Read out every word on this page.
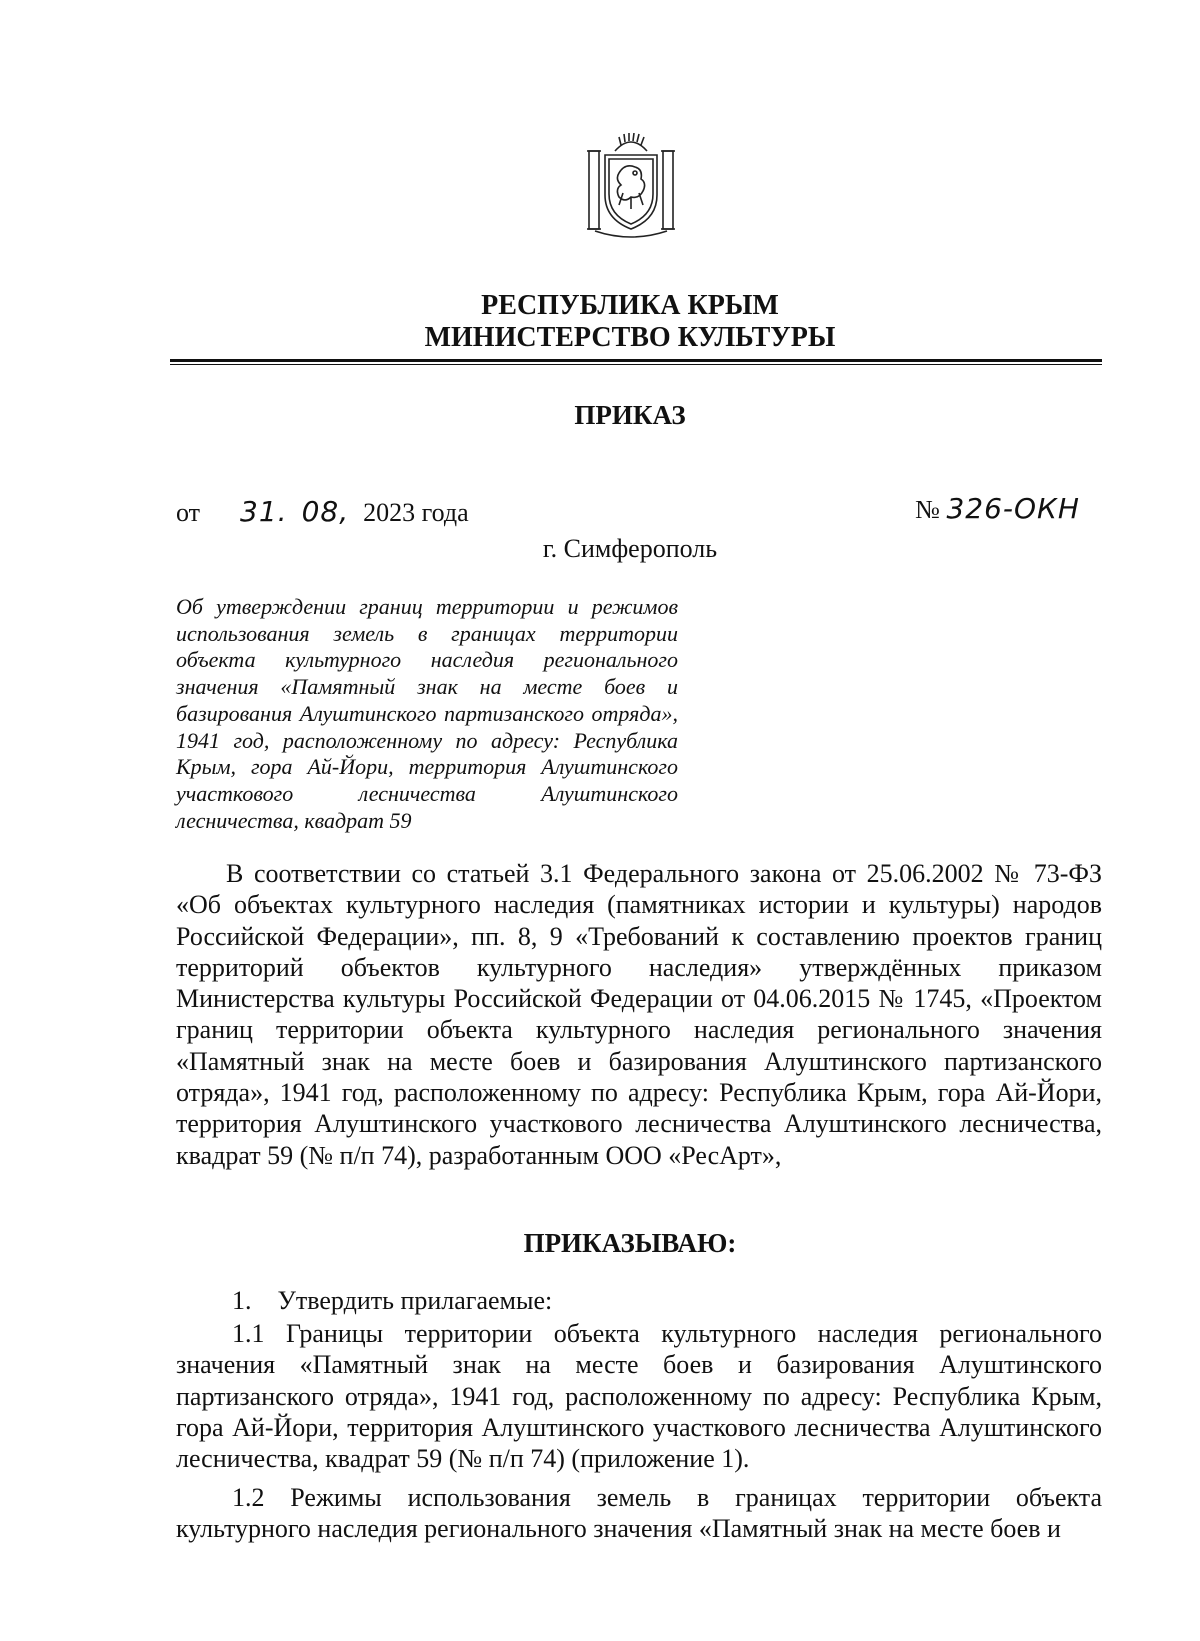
РЕСПУБЛИКА КРЫМ
МИНИСТЕРСТВО КУЛЬТУРЫ
ПРИКАЗ
от 31. 08, 2023 года	№ 326-ОКН
г. Симферополь
Об утверждении границ территории и режимов использования земель в границах территории объекта культурного наследия регионального значения «Памятный знак на месте боев и базирования Алуштинского партизанского отряда», 1941 год, расположенному по адресу: Республика Крым, гора Ай-Йори, территория Алуштинского участкового лесничества Алуштинского лесничества, квадрат 59
В соответствии со статьей 3.1 Федерального закона от 25.06.2002 № 73-ФЗ «Об объектах культурного наследия (памятниках истории и культуры) народов Российской Федерации», пп. 8, 9 «Требований к составлению проектов границ территорий объектов культурного наследия» утверждённых приказом Министерства культуры Российской Федерации от 04.06.2015 № 1745, «Проектом границ территории объекта культурного наследия регионального значения «Памятный знак на месте боев и базирования Алуштинского партизанского отряда», 1941 год, расположенному по адресу: Республика Крым, гора Ай-Йори, территория Алуштинского участкового лесничества Алуштинского лесничества, квадрат 59 (№ п/п 74), разработанным ООО «РесАрт»,
ПРИКАЗЫВАЮ:
1.    Утвердить прилагаемые:
1.1 Границы территории объекта культурного наследия регионального значения «Памятный знак на месте боев и базирования Алуштинского партизанского отряда», 1941 год, расположенному по адресу: Республика Крым, гора Ай-Йори, территория Алуштинского участкового лесничества Алуштинского лесничества, квадрат 59 (№ п/п 74) (приложение 1).
1.2 Режимы использования земель в границах территории объекта культурного наследия регионального значения «Памятный знак на месте боев и
